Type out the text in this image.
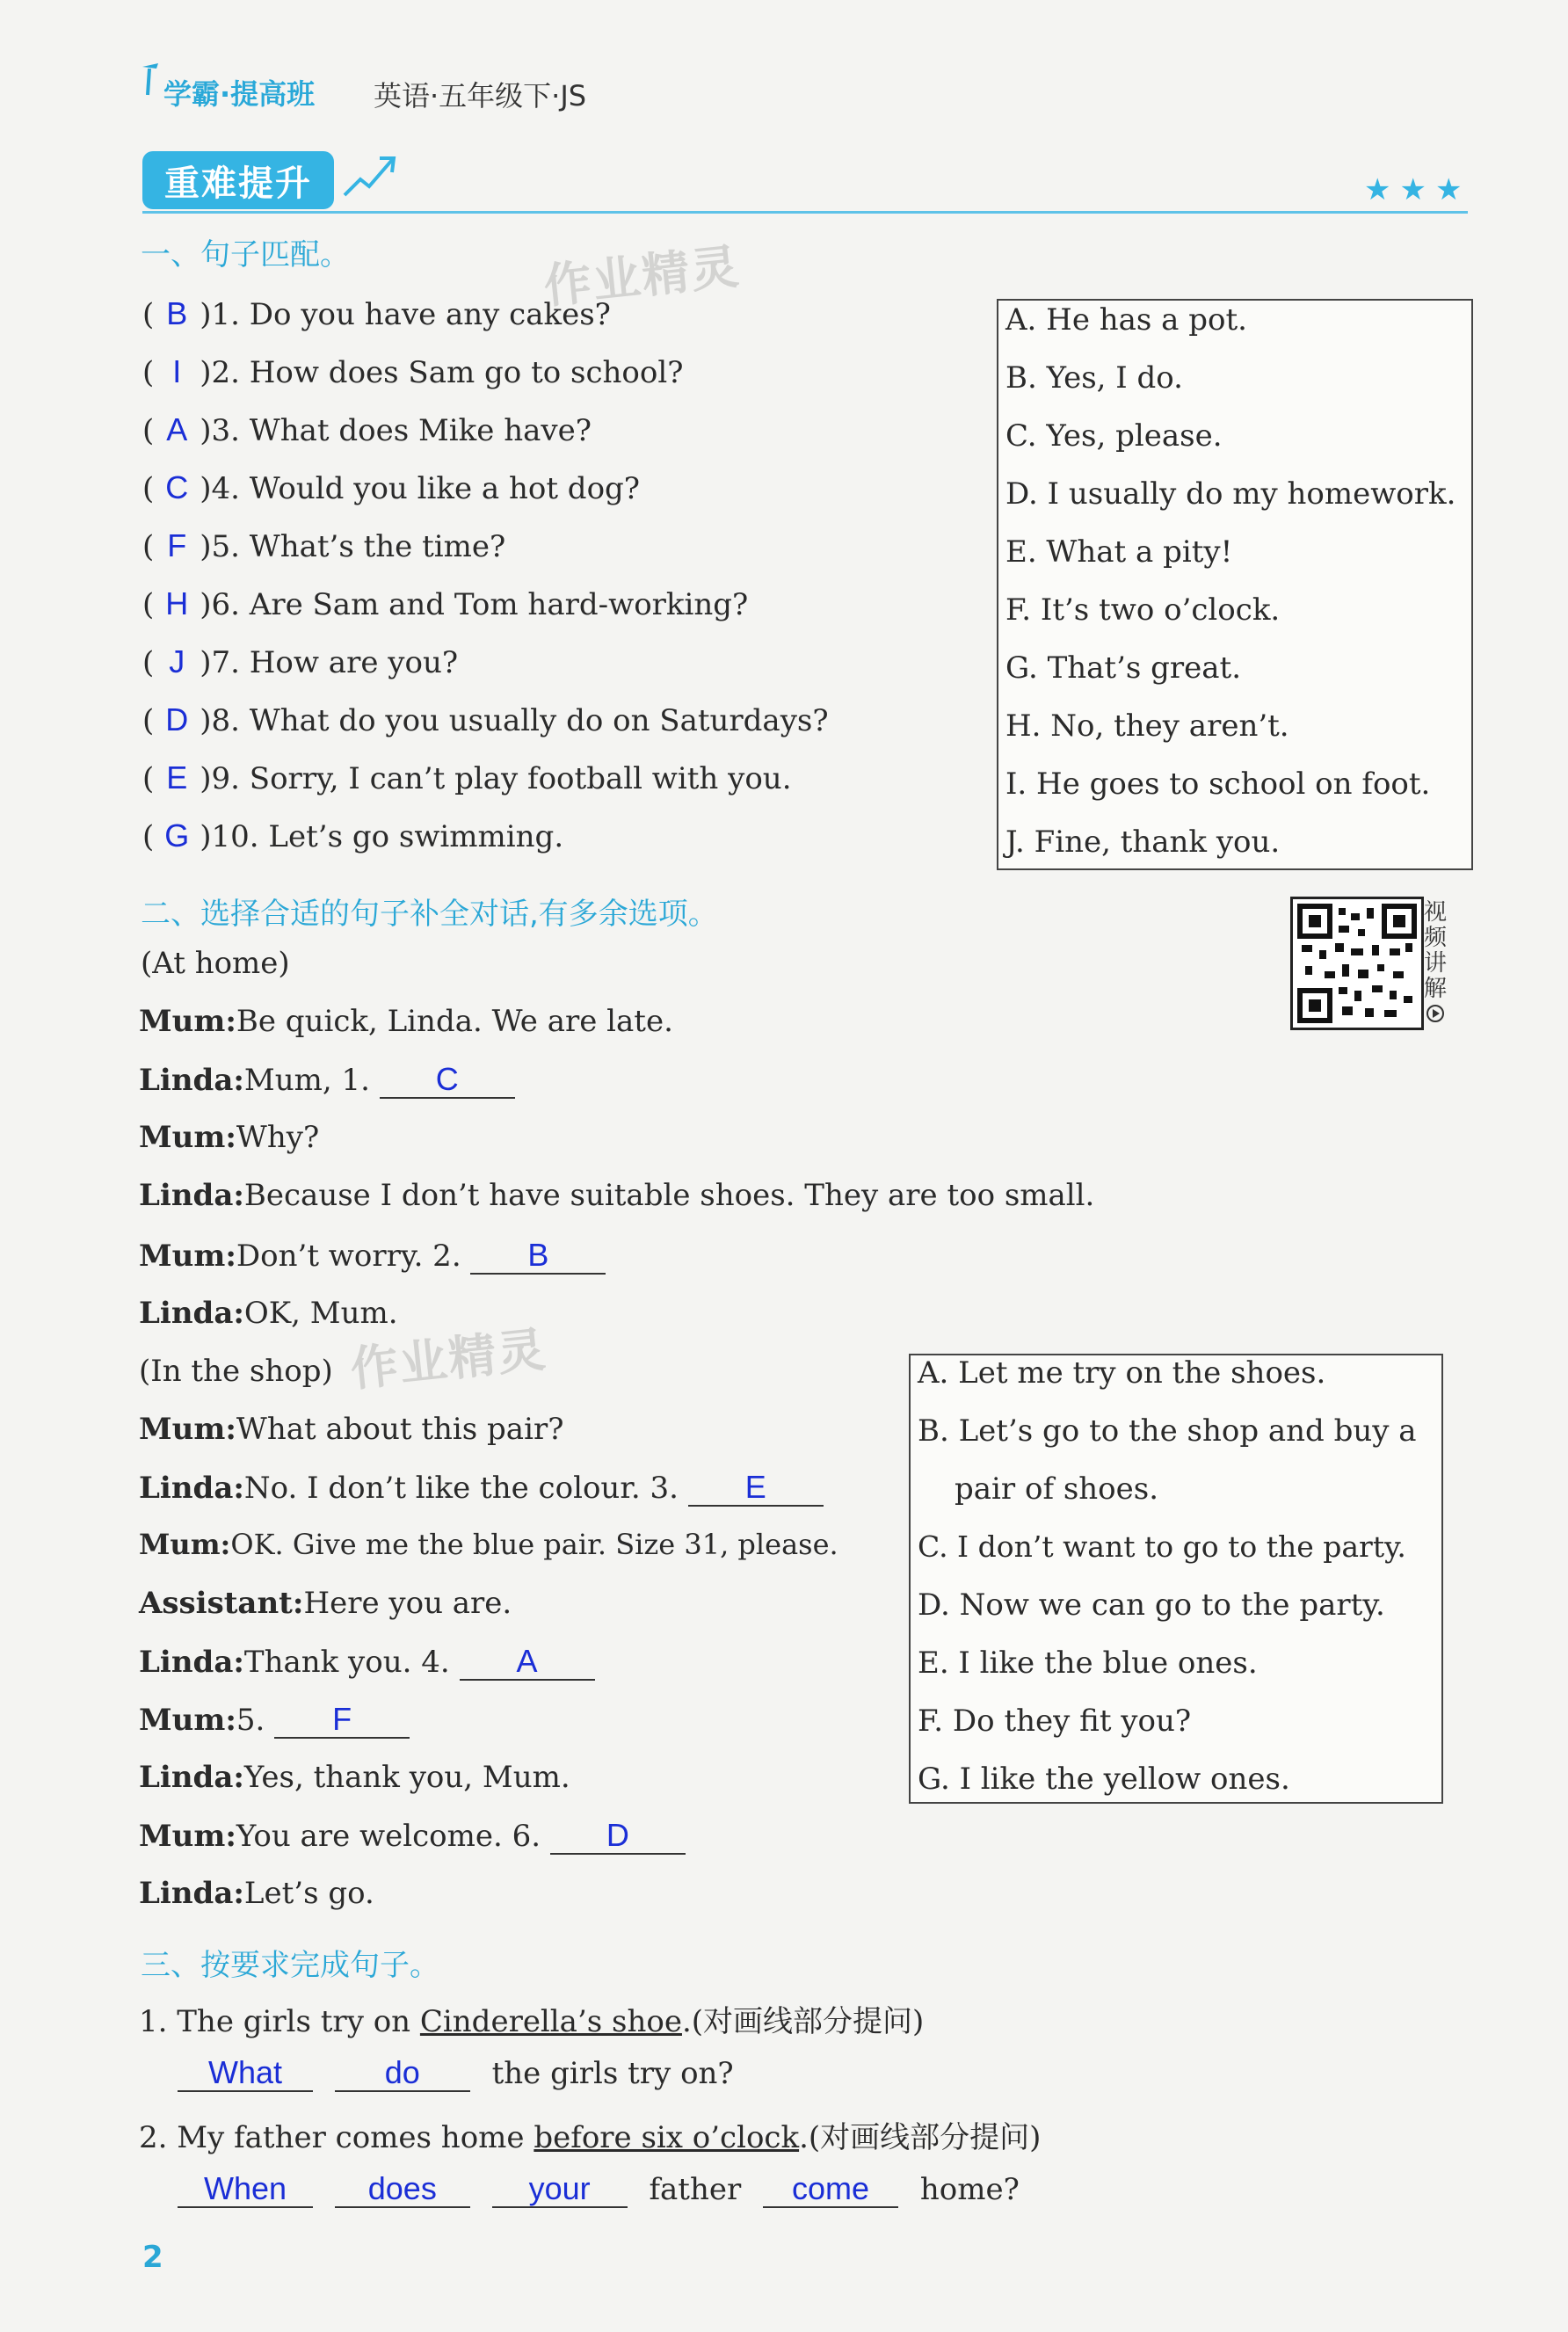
学霸·提高班 英语·五年级下·JS
重难提升	★★★
作业精灵
作业精灵
一、句子匹配。
( B )1. Do you have any cakes?
( I )2. How does Sam go to school?
( A )3. What does Mike have?
( C )4. Would you like a hot dog?
( F )5. What’s the time?
( H )6. Are Sam and Tom hard-working?
( J )7. How are you?
( D )8. What do you usually do on Saturdays?
( E )9. Sorry, I can’t play football with you.
( G )10. Let’s go swimming.
A. He has a pot.
B. Yes, I do.
C. Yes, please.
D. I usually do my homework.
E. What a pity!
F. It’s two o’clock.
G. That’s great.
H. No, they aren’t.
I. He goes to school on foot.
J. Fine, thank you.
二、选择合适的句子补全对话,有多余选项。	视频讲解
(At home)
Mum:Be quick, Linda. We are late.
Linda:Mum, 1. C
Mum:Why?
Linda:Because I don’t have suitable shoes. They are too small.
Mum:Don’t worry. 2. B
Linda:OK, Mum.
(In the shop)
Mum:What about this pair?
Linda:No. I don’t like the colour. 3. E
Mum:OK. Give me the blue pair. Size 31, please.
Assistant:Here you are.
Linda:Thank you. 4. A
Mum:5. F
Linda:Yes, thank you, Mum.
Mum:You are welcome. 6. D
Linda:Let’s go.
A. Let me try on the shoes.
B. Let’s go to the shop and buy a
pair of shoes.
C. I don’t want to go to the party.
D. Now we can go to the party.
E. I like the blue ones.
F. Do they fit you?
G. I like the yellow ones.
三、按要求完成句子。
1. The girls try on Cinderella’s shoe.(对画线部分提问)
What	do the girls try on?
2. My father comes home before six o’clock.(对画线部分提问)
When	does	your father come home?
2
